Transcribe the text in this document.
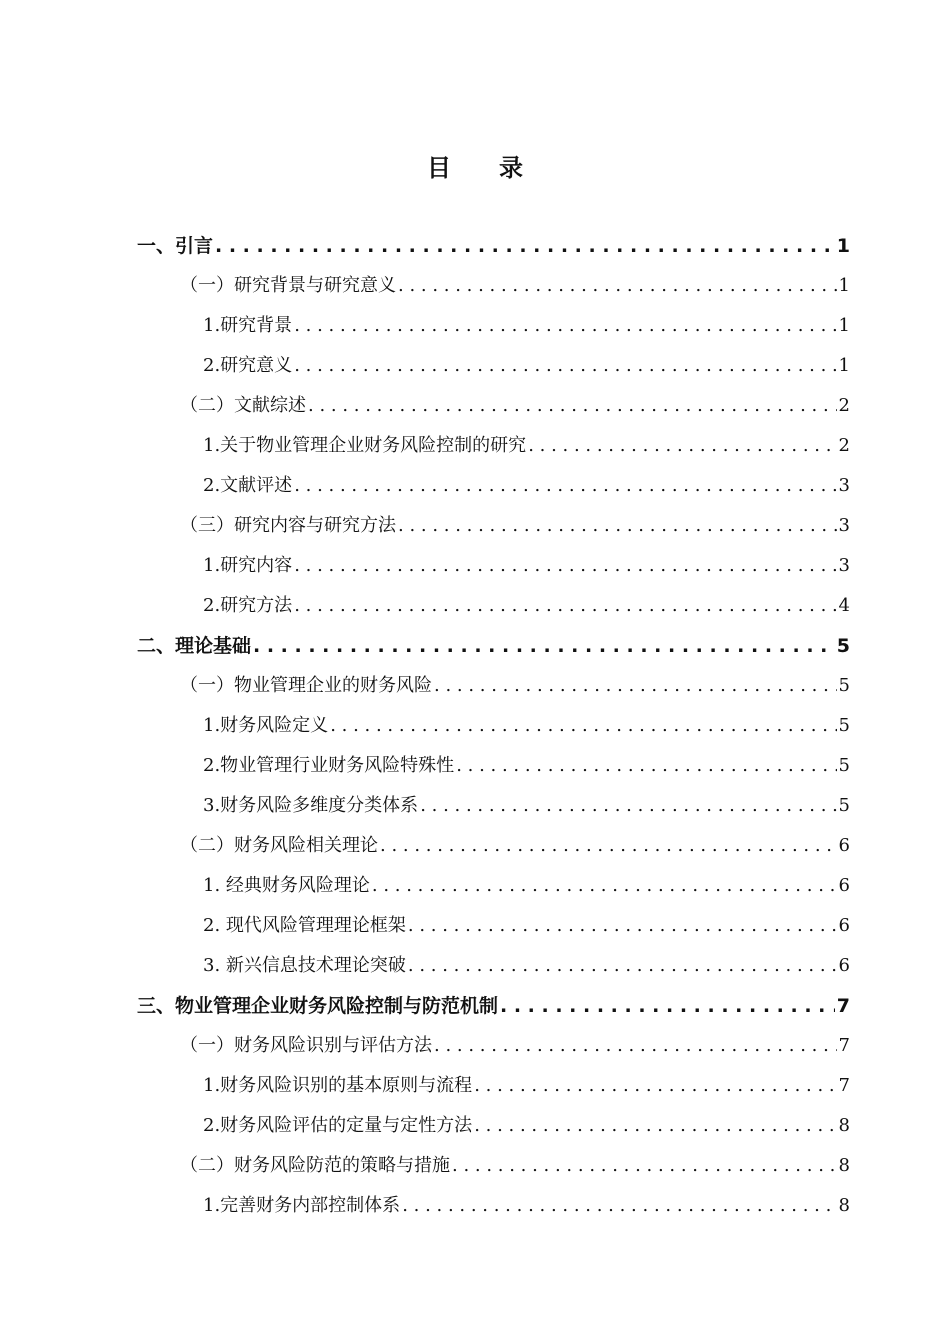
目 录
一、引言 . . .	1
（一）研究背景与研究意义 . . .	1
1.研究背景 . . .	1
2.研究意义 . . .	1
（二）文献综述 . . .	2
1.关于物业管理企业财务风险控制的研究 . . .	2
2.文献评述 . . .	3
（三）研究内容与研究方法 . . .	3
1.研究内容 . . .	3
2.研究方法 . . .	4
二、理论基础 . . .	5
（一）物业管理企业的财务风险 . . .	5
1.财务风险定义 . . .	5
2.物业管理行业财务风险特殊性 . . .	5
3.财务风险多维度分类体系 . . .	5
（二）财务风险相关理论 . . .	6
1. 经典财务风险理论 . . .	6
2. 现代风险管理理论框架 . . .	6
3. 新兴信息技术理论突破 . . .	6
三、物业管理企业财务风险控制与防范机制 . . .	7
（一）财务风险识别与评估方法 . . .	7
1.财务风险识别的基本原则与流程 . . .	7
2.财务风险评估的定量与定性方法 . . .	8
（二）财务风险防范的策略与措施 . . .	8
1.完善财务内部控制体系 . . .	8
